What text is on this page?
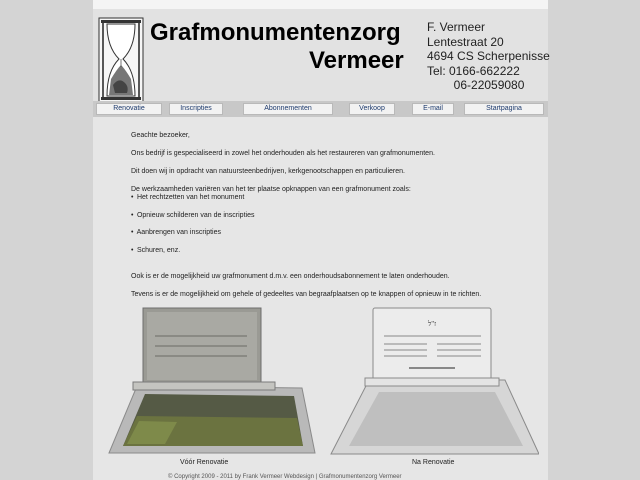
Grafmonumentenzorg
Vermeer
F. Vermeer
Lentestraat 20
4694 CS Scherpenisse
Tel: 0166-662222
06-22059080
Renovatie	Inscripties	Abonnementen	Verkoop	E-mail	Startpagina

Geachte bezoeker,

Ons bedrijf is gespecialiseerd in zowel het onderhouden als het restaureren van grafmonumenten.

Dit doen wij in opdracht van natuursteenbedrijven, kerkgenootschappen en particulieren.

De werkzaamheden variëren van het ter plaatse opknappen van een grafmonument zoals:

• Het rechtzetten van het monument
• Opnieuw schilderen van de inscripties
• Aanbrengen van inscripties
• Schuren, enz.

Ook is er de mogelijkheid uw grafmonument d.m.v. een onderhoudsabonnement te laten onderhouden.

Tevens is er de mogelijkheid om gehele of gedeeltes van begraafplaatsen op te knappen of opnieuw in te richten.

Vóór Renovatie
ז"ל
Na Renovatie
© Copyright 2009 - 2011 by Frank Vermeer Webdesign | Grafmonumentenzorg Vermeer
